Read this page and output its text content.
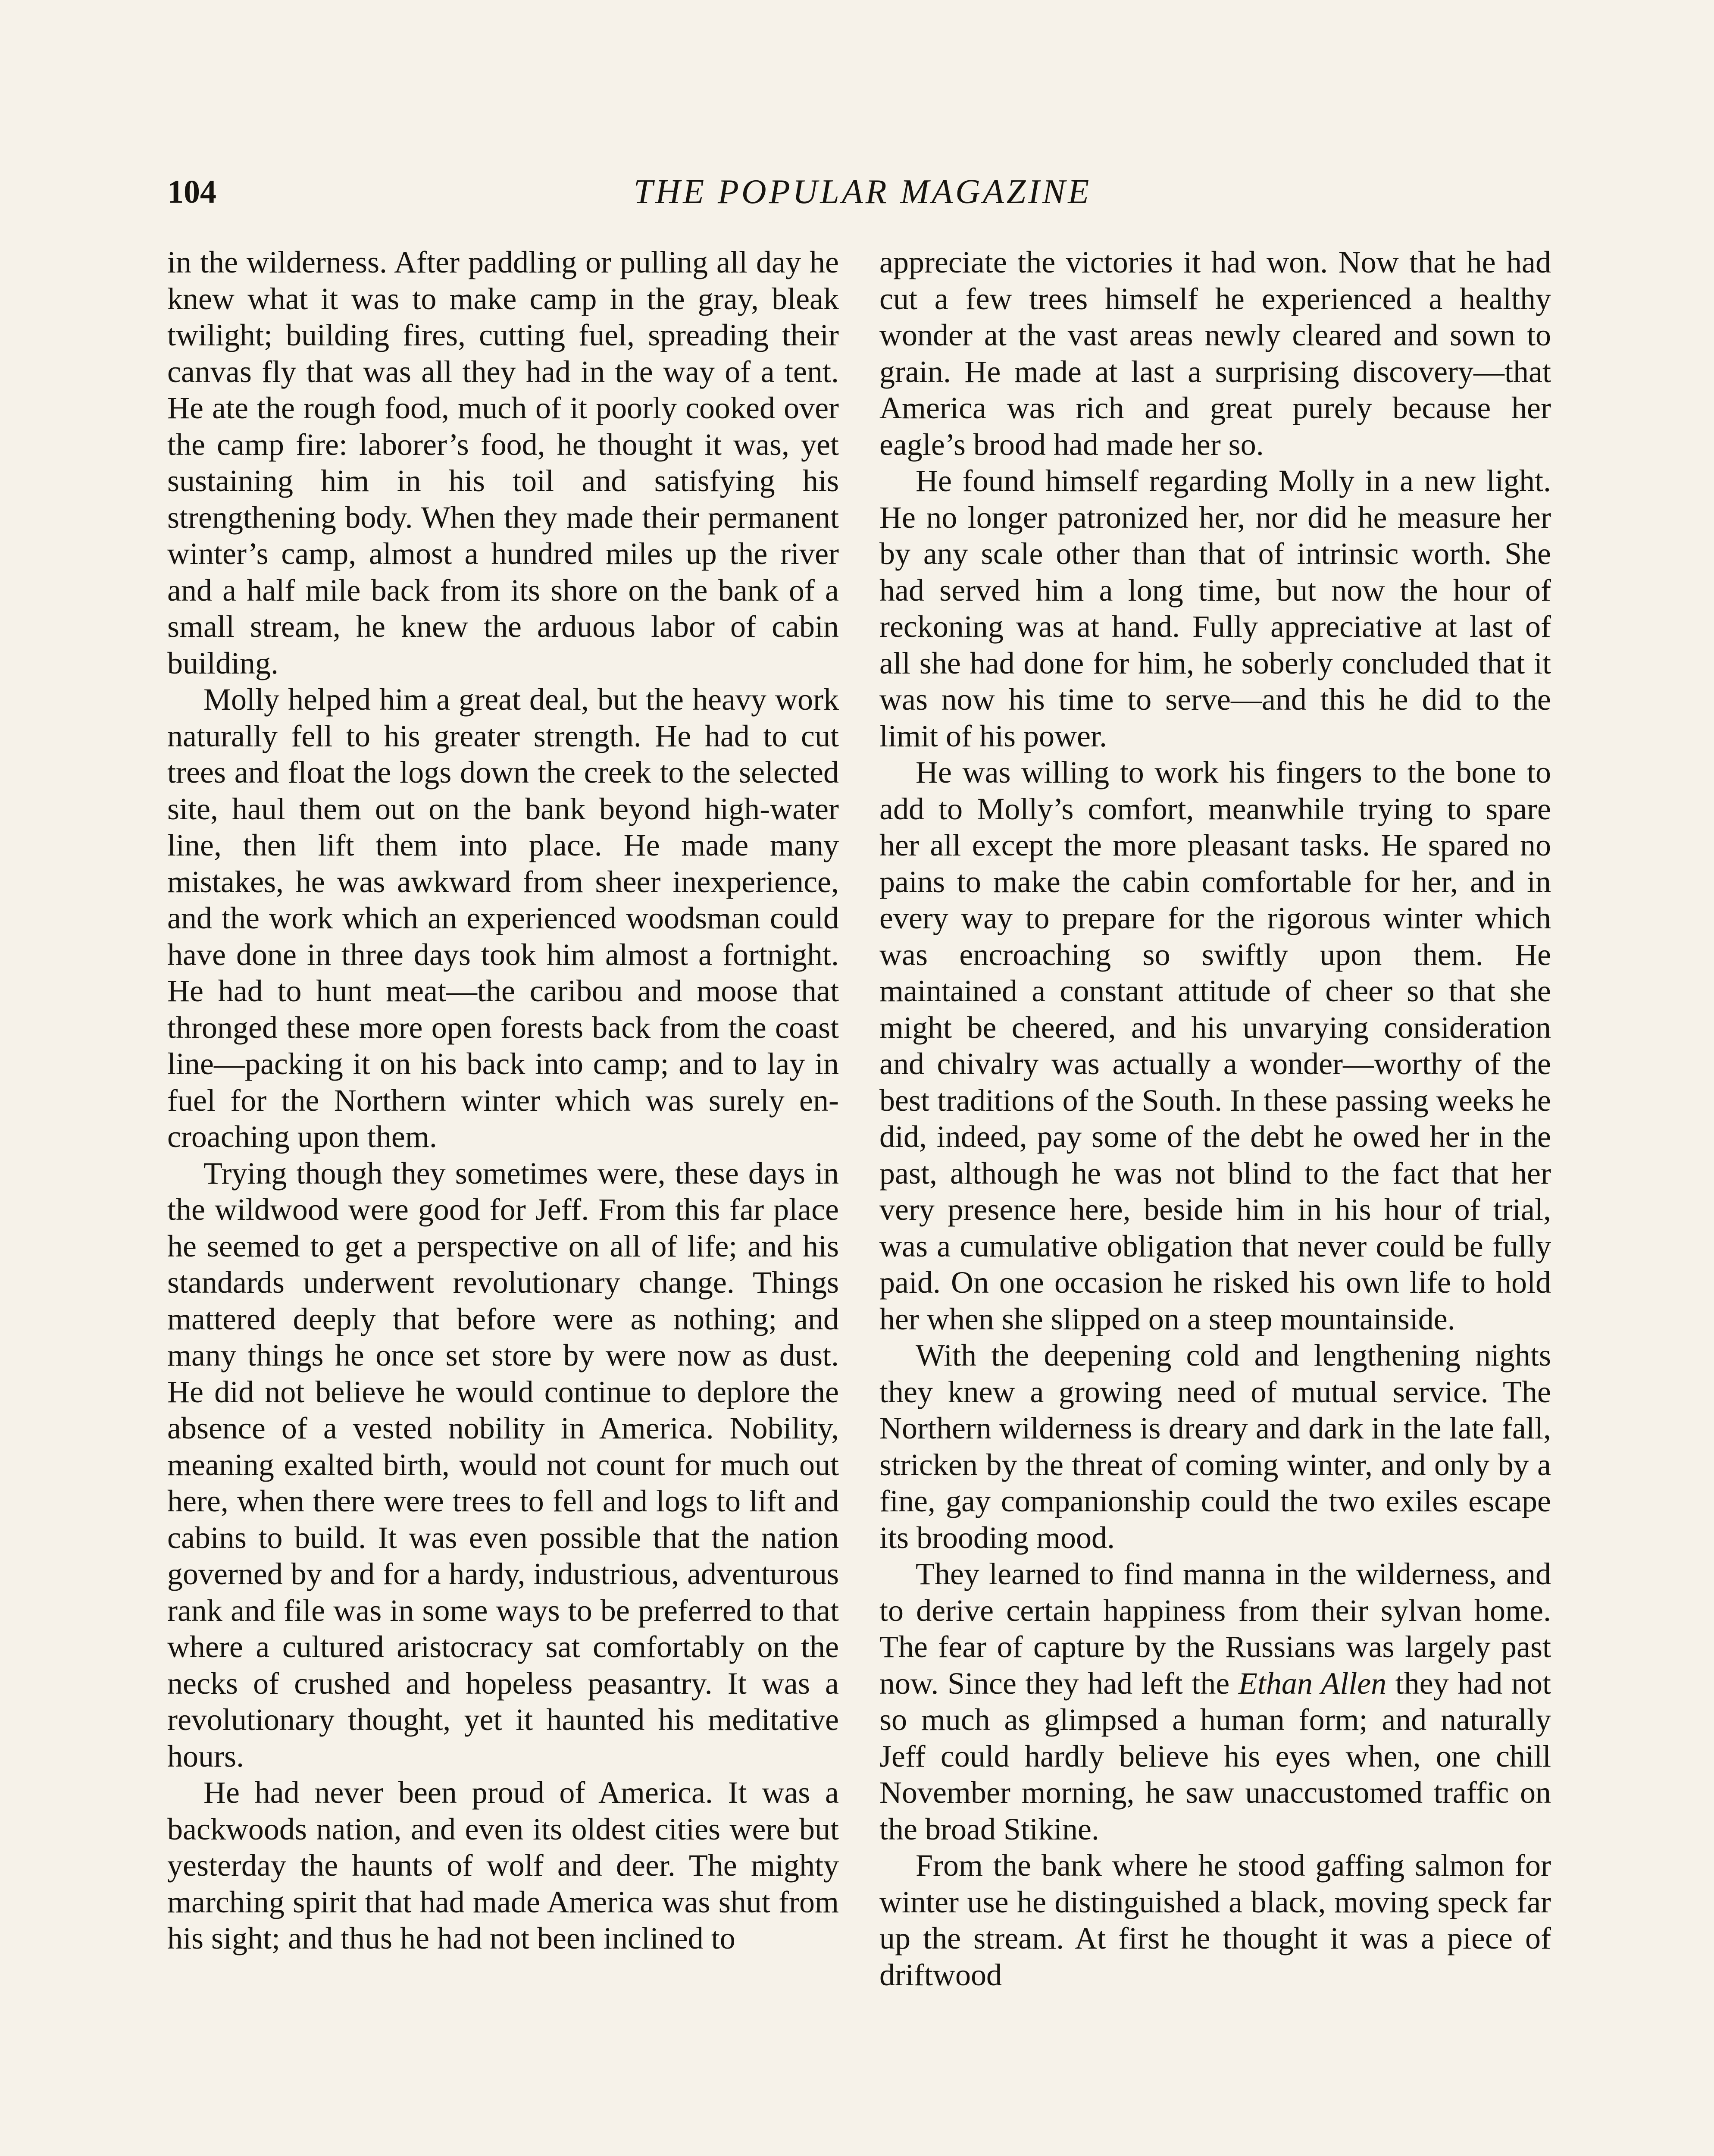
104	THE POPULAR MAGAZINE

in the wilderness. After paddling or pulling all day he knew what it was to make camp in the gray, bleak twilight; building fires, cutting fuel, spreading their canvas fly that was all they had in the way of a tent. He ate the rough food, much of it poorly cooked over the camp fire: laborer’s food, he thought it was, yet sustaining him in his toil and satisfying his strengthening body. When they made their permanent winter’s camp, almost a hundred miles up the river and a half mile back from its shore on the bank of a small stream, he knew the arduous labor of cabin building.

Molly helped him a great deal, but the heavy work naturally fell to his greater strength. He had to cut trees and float the logs down the creek to the selected site, haul them out on the bank beyond high-water line, then lift them into place. He made many mistakes, he was awkward from sheer inexperience, and the work which an experienced woodsman could have done in three days took him almost a fortnight. He had to hunt meat—the caribou and moose that thronged these more open forests back from the coast line—packing it on his back into camp; and to lay in fuel for the Northern winter which was surely encroaching upon them.

Trying though they sometimes were, these days in the wildwood were good for Jeff. From this far place he seemed to get a perspective on all of life; and his standards underwent revolutionary change. Things mattered deeply that before were as nothing; and many things he once set store by were now as dust. He did not believe he would continue to deplore the absence of a vested nobility in America. Nobility, meaning exalted birth, would not count for much out here, when there were trees to fell and logs to lift and cabins to build. It was even possible that the nation governed by and for a hardy, industrious, adventurous rank and file was in some ways to be preferred to that where a cultured aristocracy sat comfortably on the necks of crushed and hopeless peasantry. It was a revolutionary thought, yet it haunted his meditative hours.

He had never been proud of America. It was a backwoods nation, and even its oldest cities were but yesterday the haunts of wolf and deer. The mighty marching spirit that had made America was shut from his sight; and thus he had not been inclined to

appreciate the victories it had won. Now that he had cut a few trees himself he experienced a healthy wonder at the vast areas newly cleared and sown to grain. He made at last a surprising discovery—that America was rich and great purely because her eagle’s brood had made her so.

He found himself regarding Molly in a new light. He no longer patronized her, nor did he measure her by any scale other than that of intrinsic worth. She had served him a long time, but now the hour of reckoning was at hand. Fully appreciative at last of all she had done for him, he soberly concluded that it was now his time to serve—and this he did to the limit of his power.

He was willing to work his fingers to the bone to add to Molly’s comfort, meanwhile trying to spare her all except the more pleasant tasks. He spared no pains to make the cabin comfortable for her, and in every way to prepare for the rigorous winter which was encroaching so swiftly upon them. He maintained a constant attitude of cheer so that she might be cheered, and his unvarying consideration and chivalry was actually a wonder—worthy of the best traditions of the South. In these passing weeks he did, indeed, pay some of the debt he owed her in the past, although he was not blind to the fact that her very presence here, beside him in his hour of trial, was a cumulative obligation that never could be fully paid. On one occasion he risked his own life to hold her when she slipped on a steep mountainside.

With the deepening cold and lengthening nights they knew a growing need of mutual service. The Northern wilderness is dreary and dark in the late fall, stricken by the threat of coming winter, and only by a fine, gay companionship could the two exiles escape its brooding mood.

They learned to find manna in the wilderness, and to derive certain happiness from their sylvan home. The fear of capture by the Russians was largely past now. Since they had left the Ethan Allen they had not so much as glimpsed a human form; and naturally Jeff could hardly believe his eyes when, one chill November morning, he saw unaccustomed traffic on the broad Stikine.

From the bank where he stood gaffing salmon for winter use he distinguished a black, moving speck far up the stream. At first he thought it was a piece of driftwood
